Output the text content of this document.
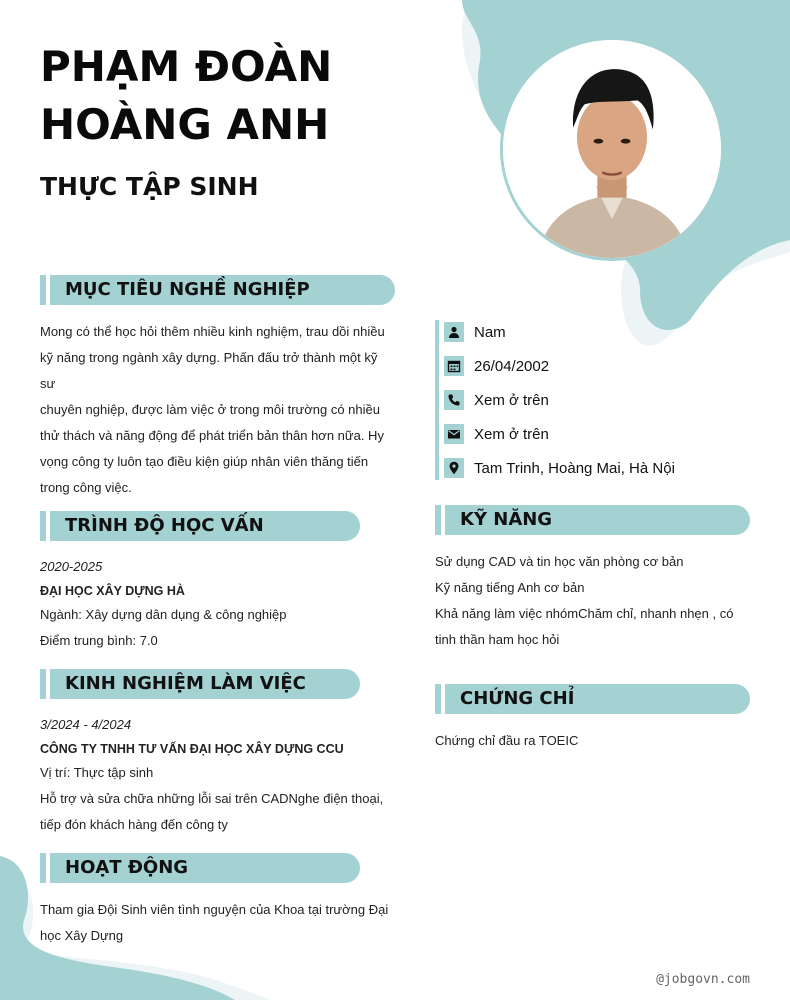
PHẠM ĐOÀN
HOÀNG ANH
THỰC TẬP SINH
MỤC TIÊU NGHỀ NGHIỆP
Mong có thể học hỏi thêm nhiều kinh nghiệm, trau dồi nhiều
kỹ năng trong ngành xây dựng. Phấn đấu trở thành một kỹ sư
chuyên nghiệp, được làm việc ở trong môi trường có nhiều
thử thách và năng động để phát triển bản thân hơn nữa. Hy
vọng công ty luôn tạo điều kiện giúp nhân viên thăng tiến
trong công việc.
TRÌNH ĐỘ HỌC VẤN
2020-2025
ĐẠI HỌC XÂY DỰNG HÀ
Ngành: Xây dựng dân dụng & công nghiệp
Điểm trung bình: 7.0
KINH NGHIỆM LÀM VIỆC
3/2024 - 4/2024
CÔNG TY TNHH TƯ VẤN ĐẠI HỌC XÂY DỰNG CCU
Vị trí: Thực tập sinh
Hỗ trợ và sửa chữa những lỗi sai trên CADNghe điện thoại,
tiếp đón khách hàng đến công ty
HOẠT ĐỘNG
Tham gia Đội Sinh viên tình nguyện của Khoa tại trường Đại
học Xây Dựng
Nam
26/04/2002
Xem ở trên
Xem ở trên
Tam Trinh, Hoàng Mai, Hà Nội
KỸ NĂNG
Sử dụng CAD và tin học văn phòng cơ bản
Kỹ năng tiếng Anh cơ bản
Khả năng làm việc nhómChăm chỉ, nhanh nhẹn , có
tinh thần ham học hỏi
CHỨNG CHỈ
Chứng chỉ đầu ra TOEIC
@jobgovn.com
